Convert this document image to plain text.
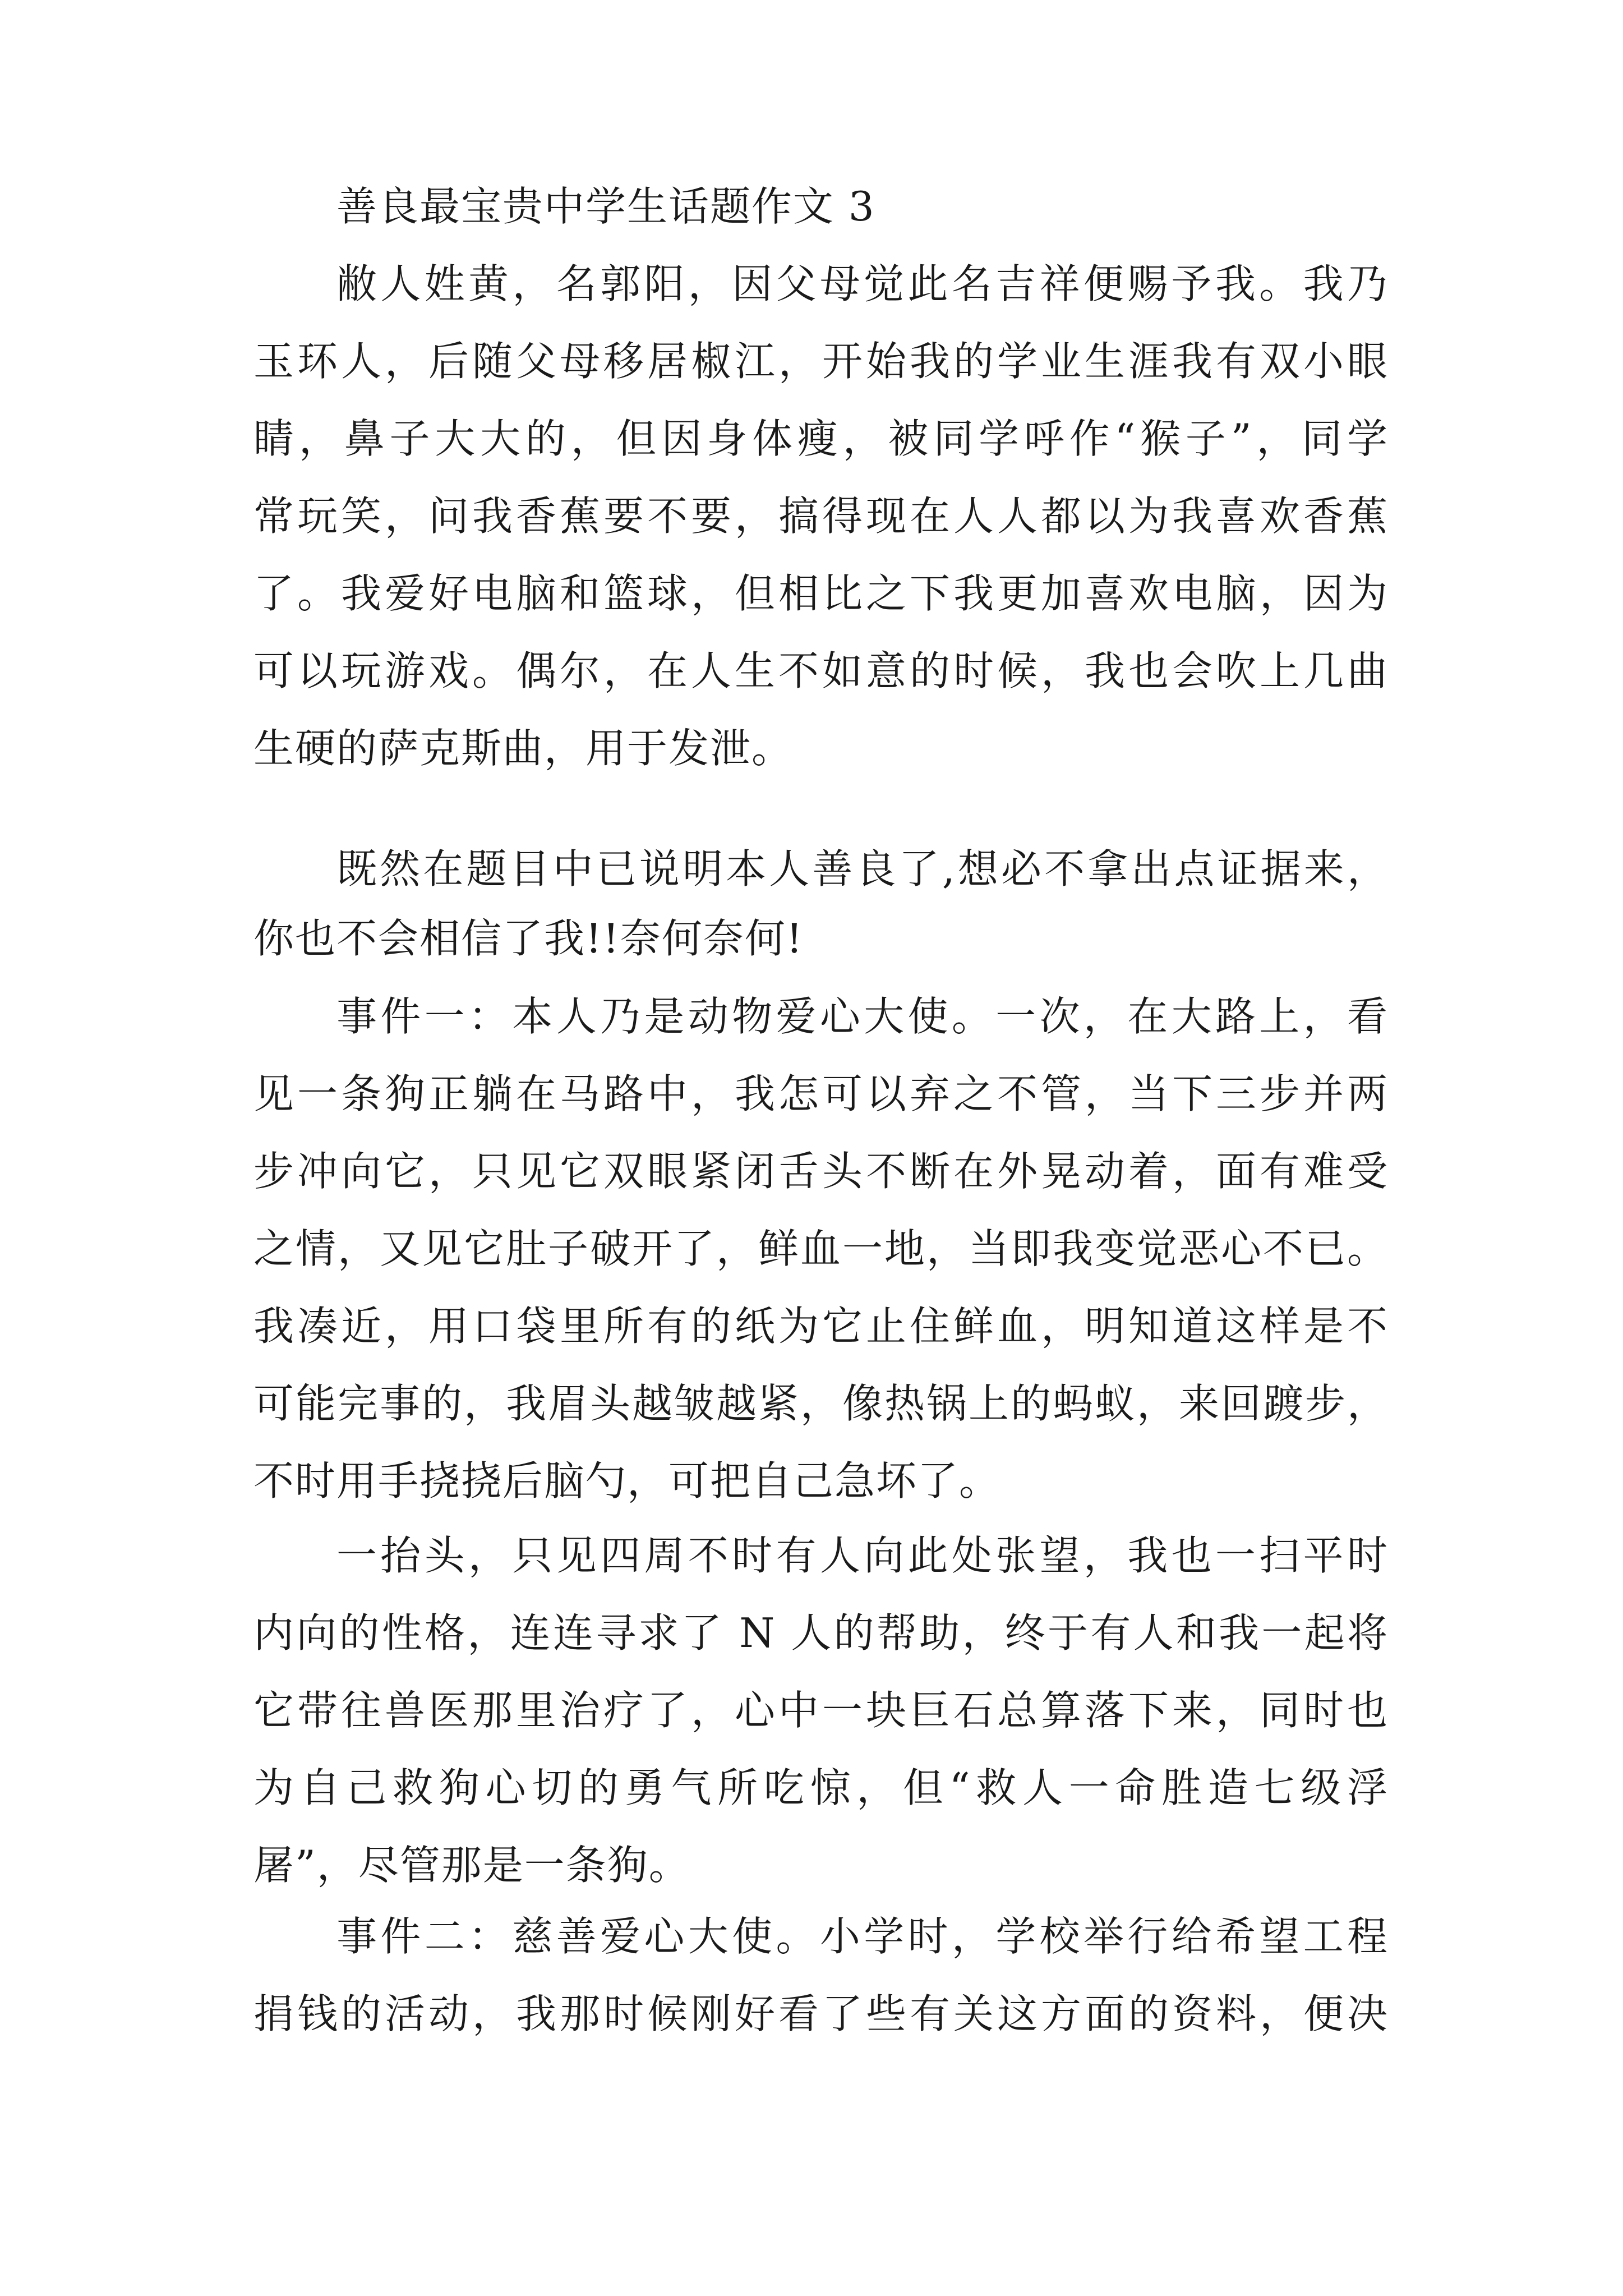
善良最宝贵中学生话题作文 3
敝人姓黄，名郭阳，因父母觉此名吉祥便赐予我。我乃
玉环人，后随父母移居椒江，开始我的学业生涯我有双小眼
睛，鼻子大大的，但因身体瘦，被同学呼作“猴子”，同学
常玩笑，问我香蕉要不要，搞得现在人人都以为我喜欢香蕉
了。我爱好电脑和篮球，但相比之下我更加喜欢电脑，因为
可以玩游戏。偶尔，在人生不如意的时候，我也会吹上几曲
生硬的萨克斯曲，用于发泄。
既然在题目中已说明本人善良了,想必不拿出点证据来，
你也不会相信了我!!奈何奈何!
事件一：本人乃是动物爱心大使。一次，在大路上，看
见一条狗正躺在马路中，我怎可以弃之不管，当下三步并两
步冲向它，只见它双眼紧闭舌头不断在外晃动着，面有难受
之情，又见它肚子破开了，鲜血一地，当即我变觉恶心不已。
我凑近，用口袋里所有的纸为它止住鲜血，明知道这样是不
可能完事的，我眉头越皱越紧，像热锅上的蚂蚁，来回踱步，
不时用手挠挠后脑勺，可把自己急坏了。
一抬头，只见四周不时有人向此处张望，我也一扫平时
内向的性格，连连寻求了 N 人的帮助，终于有人和我一起将
它带往兽医那里治疗了，心中一块巨石总算落下来，同时也
为自己救狗心切的勇气所吃惊，但“救人一命胜造七级浮
屠”，尽管那是一条狗。
事件二：慈善爱心大使。小学时，学校举行给希望工程
捐钱的活动，我那时候刚好看了些有关这方面的资料，便决
